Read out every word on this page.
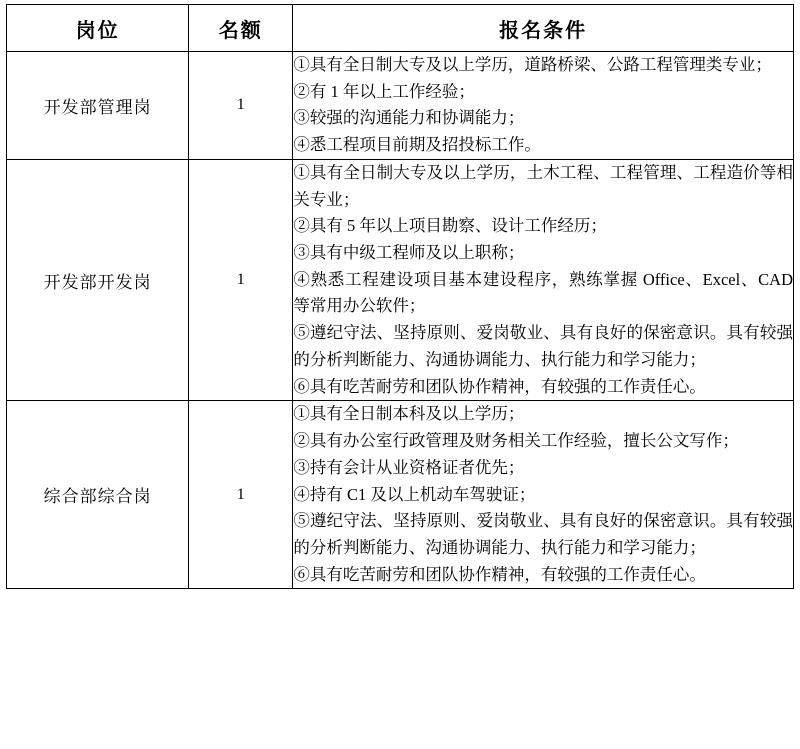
岗位	名额	报名条件
开发部管理岗	1	
①具有全日制大专及以上学历，道路桥梁、公路工程管理类专业；
②有 1 年以上工作经验；
③较强的沟通能力和协调能力；
④悉工程项目前期及招投标工作。

开发部开发岗	1	
①具有全日制大专及以上学历，土木工程、工程管理、工程造价等相关专业；
②具有 5 年以上项目勘察、设计工作经历；
③具有中级工程师及以上职称；
④熟悉工程建设项目基本建设程序，熟练掌握 Office、Excel、CAD 等常用办公软件；
⑤遵纪守法、坚持原则、爱岗敬业、具有良好的保密意识。具有较强的分析判断能力、沟通协调能力、执行能力和学习能力；
⑥具有吃苦耐劳和团队协作精神，有较强的工作责任心。

综合部综合岗	1	
①具有全日制本科及以上学历；
②具有办公室行政管理及财务相关工作经验，擅长公文写作；
③持有会计从业资格证者优先；
④持有 C1 及以上机动车驾驶证；
⑤遵纪守法、坚持原则、爱岗敬业、具有良好的保密意识。具有较强的分析判断能力、沟通协调能力、执行能力和学习能力；
⑥具有吃苦耐劳和团队协作精神，有较强的工作责任心。
